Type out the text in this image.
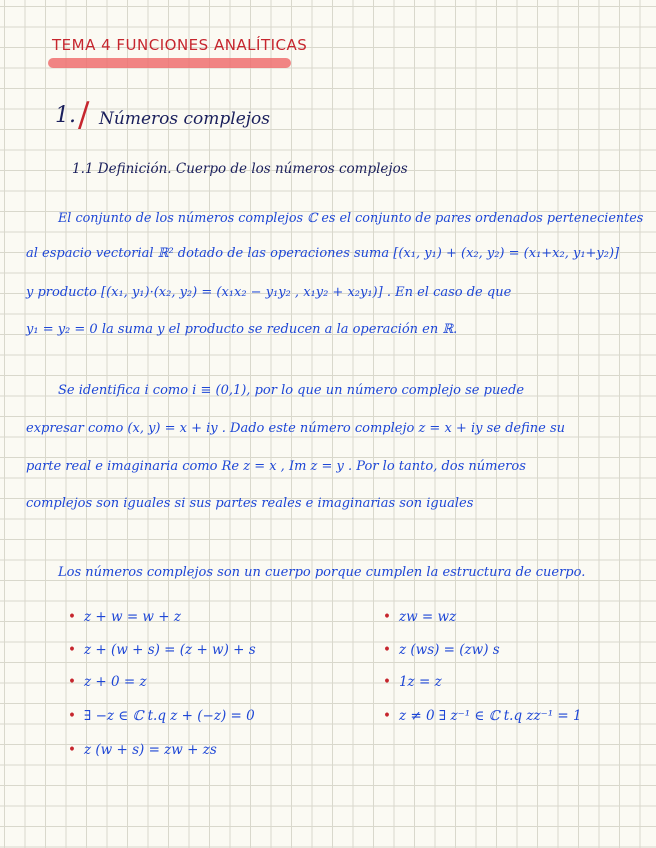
TEMA 4 FUNCIONES ANALÍTICAS
1. / Números complejos
1.1 Definición. Cuerpo de los números complejos
El conjunto de los números complejos ℂ es el conjunto de pares ordenados pertenecientes
al espacio vectorial ℝ² dotado de las operaciones suma [(x₁, y₁) + (x₂, y₂) = (x₁+x₂, y₁+y₂)]
y producto [(x₁, y₁)·(x₂, y₂) = (x₁x₂ − y₁y₂ , x₁y₂ + x₂y₁)] . En el caso de que
y₁ = y₂ = 0 la suma y el producto se reducen a la operación en ℝ.
Se identifica i como i ≡ (0,1), por lo que un número complejo se puede
expresar como (x, y) = x + iy . Dado este número complejo z = x + iy se define su
parte real e imaginaria como Re z = x , Im z = y . Por lo tanto, dos números
complejos son iguales si sus partes reales e imaginarias son iguales
Los números complejos son un cuerpo porque cumplen la estructura de cuerpo.
• z + w = w + z
• z + (w + s) = (z + w) + s
• z + 0 = z
• ∃ −z ∈ ℂ t.q z + (−z) = 0
• z (w + s) = zw + zs
• zw = wz
• z (ws) = (zw) s
• 1z = z
• z ≠ 0 ∃ z⁻¹ ∈ ℂ t.q zz⁻¹ = 1
